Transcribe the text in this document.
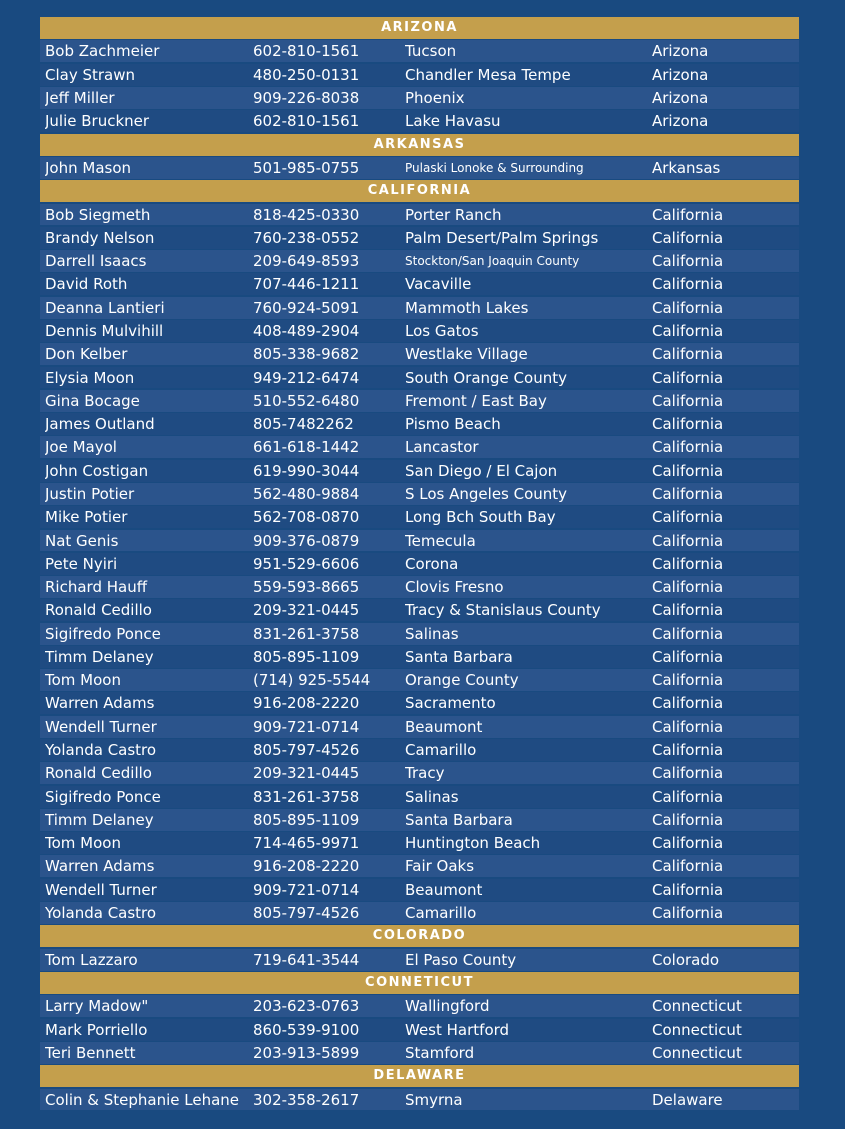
ARIZONA
Bob Zachmeier	602-810-1561	Tucson	Arizona
Clay Strawn	480-250-0131	Chandler Mesa Tempe	Arizona
Jeff Miller	909-226-8038	Phoenix	Arizona
Julie Bruckner	602-810-1561	Lake Havasu	Arizona
ARKANSAS
John Mason	501-985-0755	Pulaski Lonoke & Surrounding	Arkansas
CALIFORNIA
Bob Siegmeth	818-425-0330	Porter Ranch	California
Brandy Nelson	760-238-0552	Palm Desert/Palm Springs	California
Darrell Isaacs	209-649-8593	Stockton/San Joaquin County	California
David Roth	707-446-1211	Vacaville	California
Deanna Lantieri	760-924-5091	Mammoth Lakes	California
Dennis Mulvihill	408-489-2904	Los Gatos	California
Don Kelber	805-338-9682	Westlake Village	California
Elysia Moon	949-212-6474	South Orange County	California
Gina Bocage	510-552-6480	Fremont / East Bay	California
James Outland	805-7482262	Pismo Beach	California
Joe Mayol	661-618-1442	Lancastor	California
John Costigan	619-990-3044	San Diego / El Cajon	California
Justin Potier	562-480-9884	S Los Angeles County	California
Mike Potier	562-708-0870	Long Bch South Bay	California
Nat Genis	909-376-0879	Temecula	California
Pete Nyiri	951-529-6606	Corona	California
Richard Hauff	559-593-8665	Clovis Fresno	California
Ronald Cedillo	209-321-0445	Tracy & Stanislaus County	California
Sigifredo Ponce	831-261-3758	Salinas	California
Timm Delaney	805-895-1109	Santa Barbara	California
Tom Moon	(714) 925-5544	Orange County	California
Warren Adams	916-208-2220	Sacramento	California
Wendell Turner	909-721-0714	Beaumont	California
Yolanda Castro	805-797-4526	Camarillo	California
Ronald Cedillo	209-321-0445	Tracy	California
Sigifredo Ponce	831-261-3758	Salinas	California
Timm Delaney	805-895-1109	Santa Barbara	California
Tom Moon	714-465-9971	Huntington Beach	California
Warren Adams	916-208-2220	Fair Oaks	California
Wendell Turner	909-721-0714	Beaumont	California
Yolanda Castro	805-797-4526	Camarillo	California
COLORADO
Tom Lazzaro	719-641-3544	El Paso County	Colorado
CONNETICUT
Larry Madow"	203-623-0763	Wallingford	Connecticut
Mark Porriello	860-539-9100	West Hartford	Connecticut
Teri Bennett	203-913-5899	Stamford	Connecticut
DELAWARE
Colin & Stephanie Lehane 302-358-2617	Smyrna	Delaware
